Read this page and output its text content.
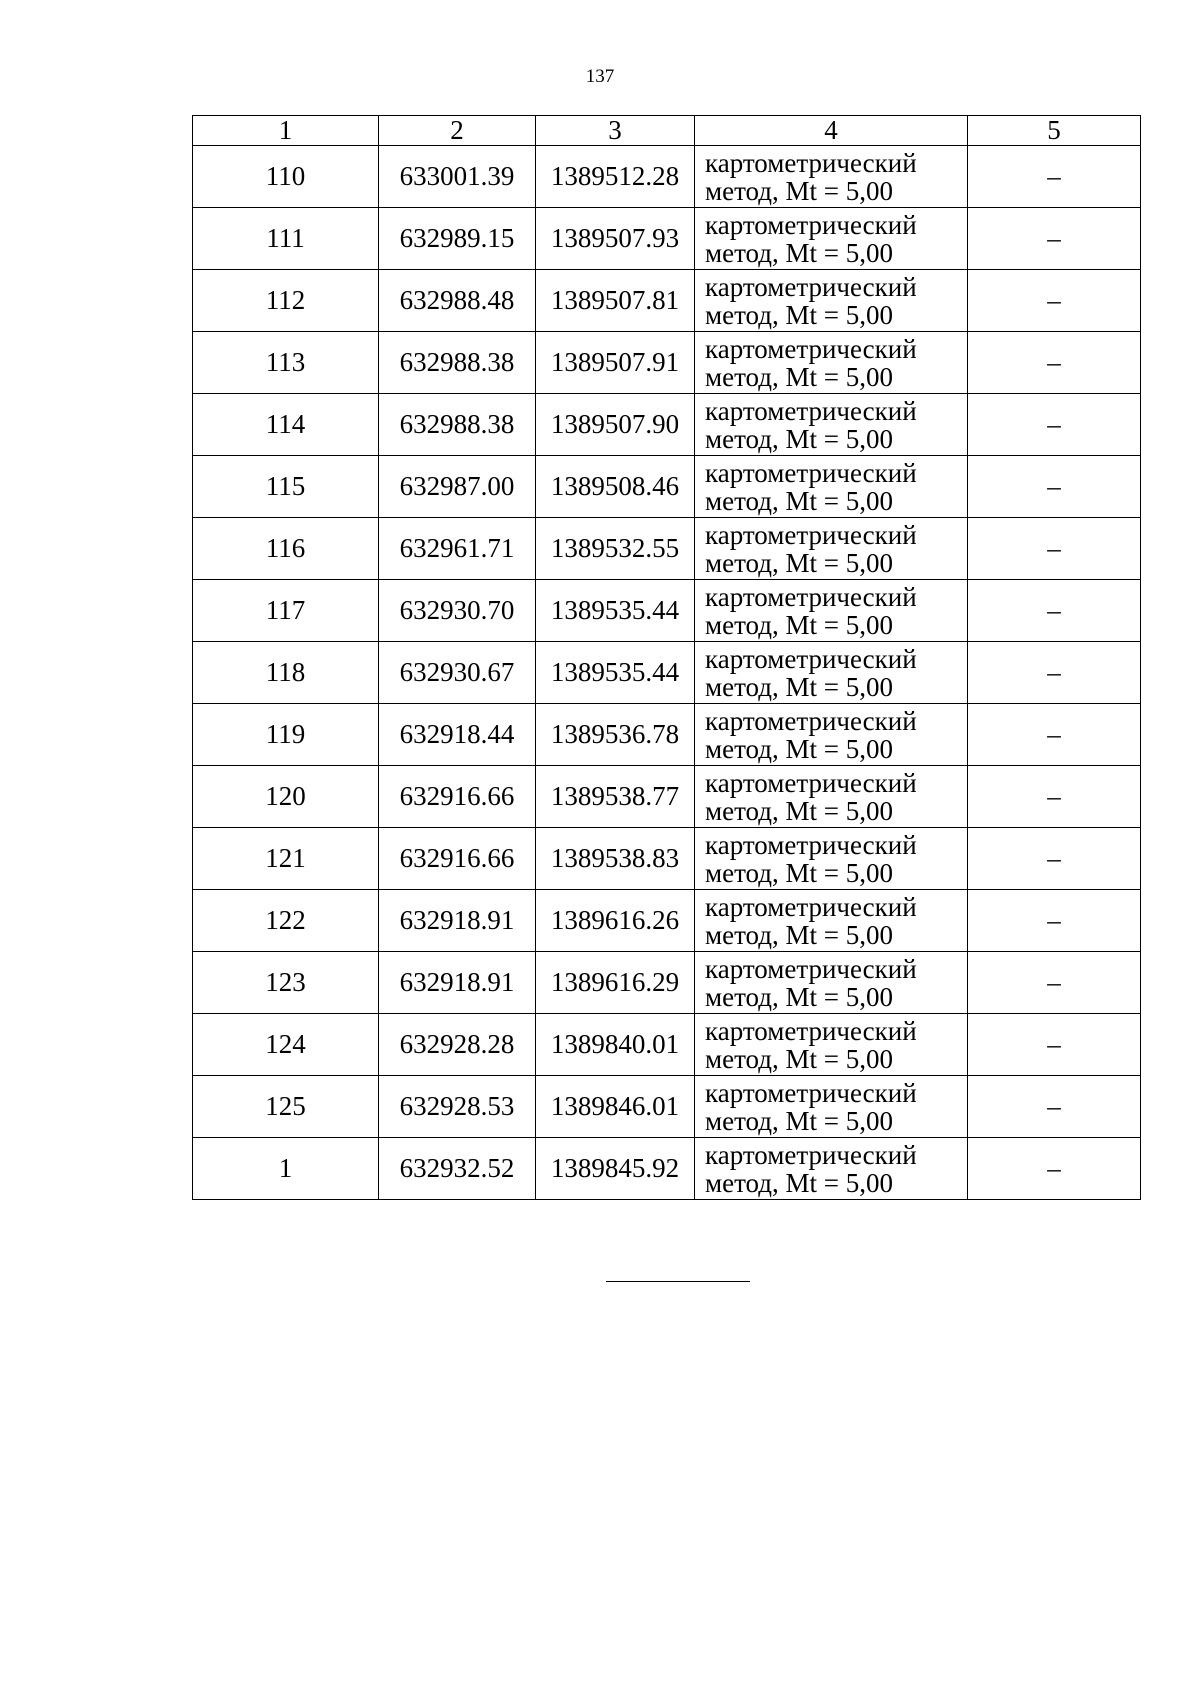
137
1	2	3	4	5
110	633001.39	1389512.28	картометрический
метод, Mt = 5,00	–
111	632989.15	1389507.93	картометрический
метод, Mt = 5,00	–
112	632988.48	1389507.81	картометрический
метод, Mt = 5,00	–
113	632988.38	1389507.91	картометрический
метод, Mt = 5,00	–
114	632988.38	1389507.90	картометрический
метод, Mt = 5,00	–
115	632987.00	1389508.46	картометрический
метод, Mt = 5,00	–
116	632961.71	1389532.55	картометрический
метод, Mt = 5,00	–
117	632930.70	1389535.44	картометрический
метод, Mt = 5,00	–
118	632930.67	1389535.44	картометрический
метод, Mt = 5,00	–
119	632918.44	1389536.78	картометрический
метод, Mt = 5,00	–
120	632916.66	1389538.77	картометрический
метод, Mt = 5,00	–
121	632916.66	1389538.83	картометрический
метод, Mt = 5,00	–
122	632918.91	1389616.26	картометрический
метод, Mt = 5,00	–
123	632918.91	1389616.29	картометрический
метод, Mt = 5,00	–
124	632928.28	1389840.01	картометрический
метод, Mt = 5,00	–
125	632928.53	1389846.01	картометрический
метод, Mt = 5,00	–
1	632932.52	1389845.92	картометрический
метод, Mt = 5,00	–
